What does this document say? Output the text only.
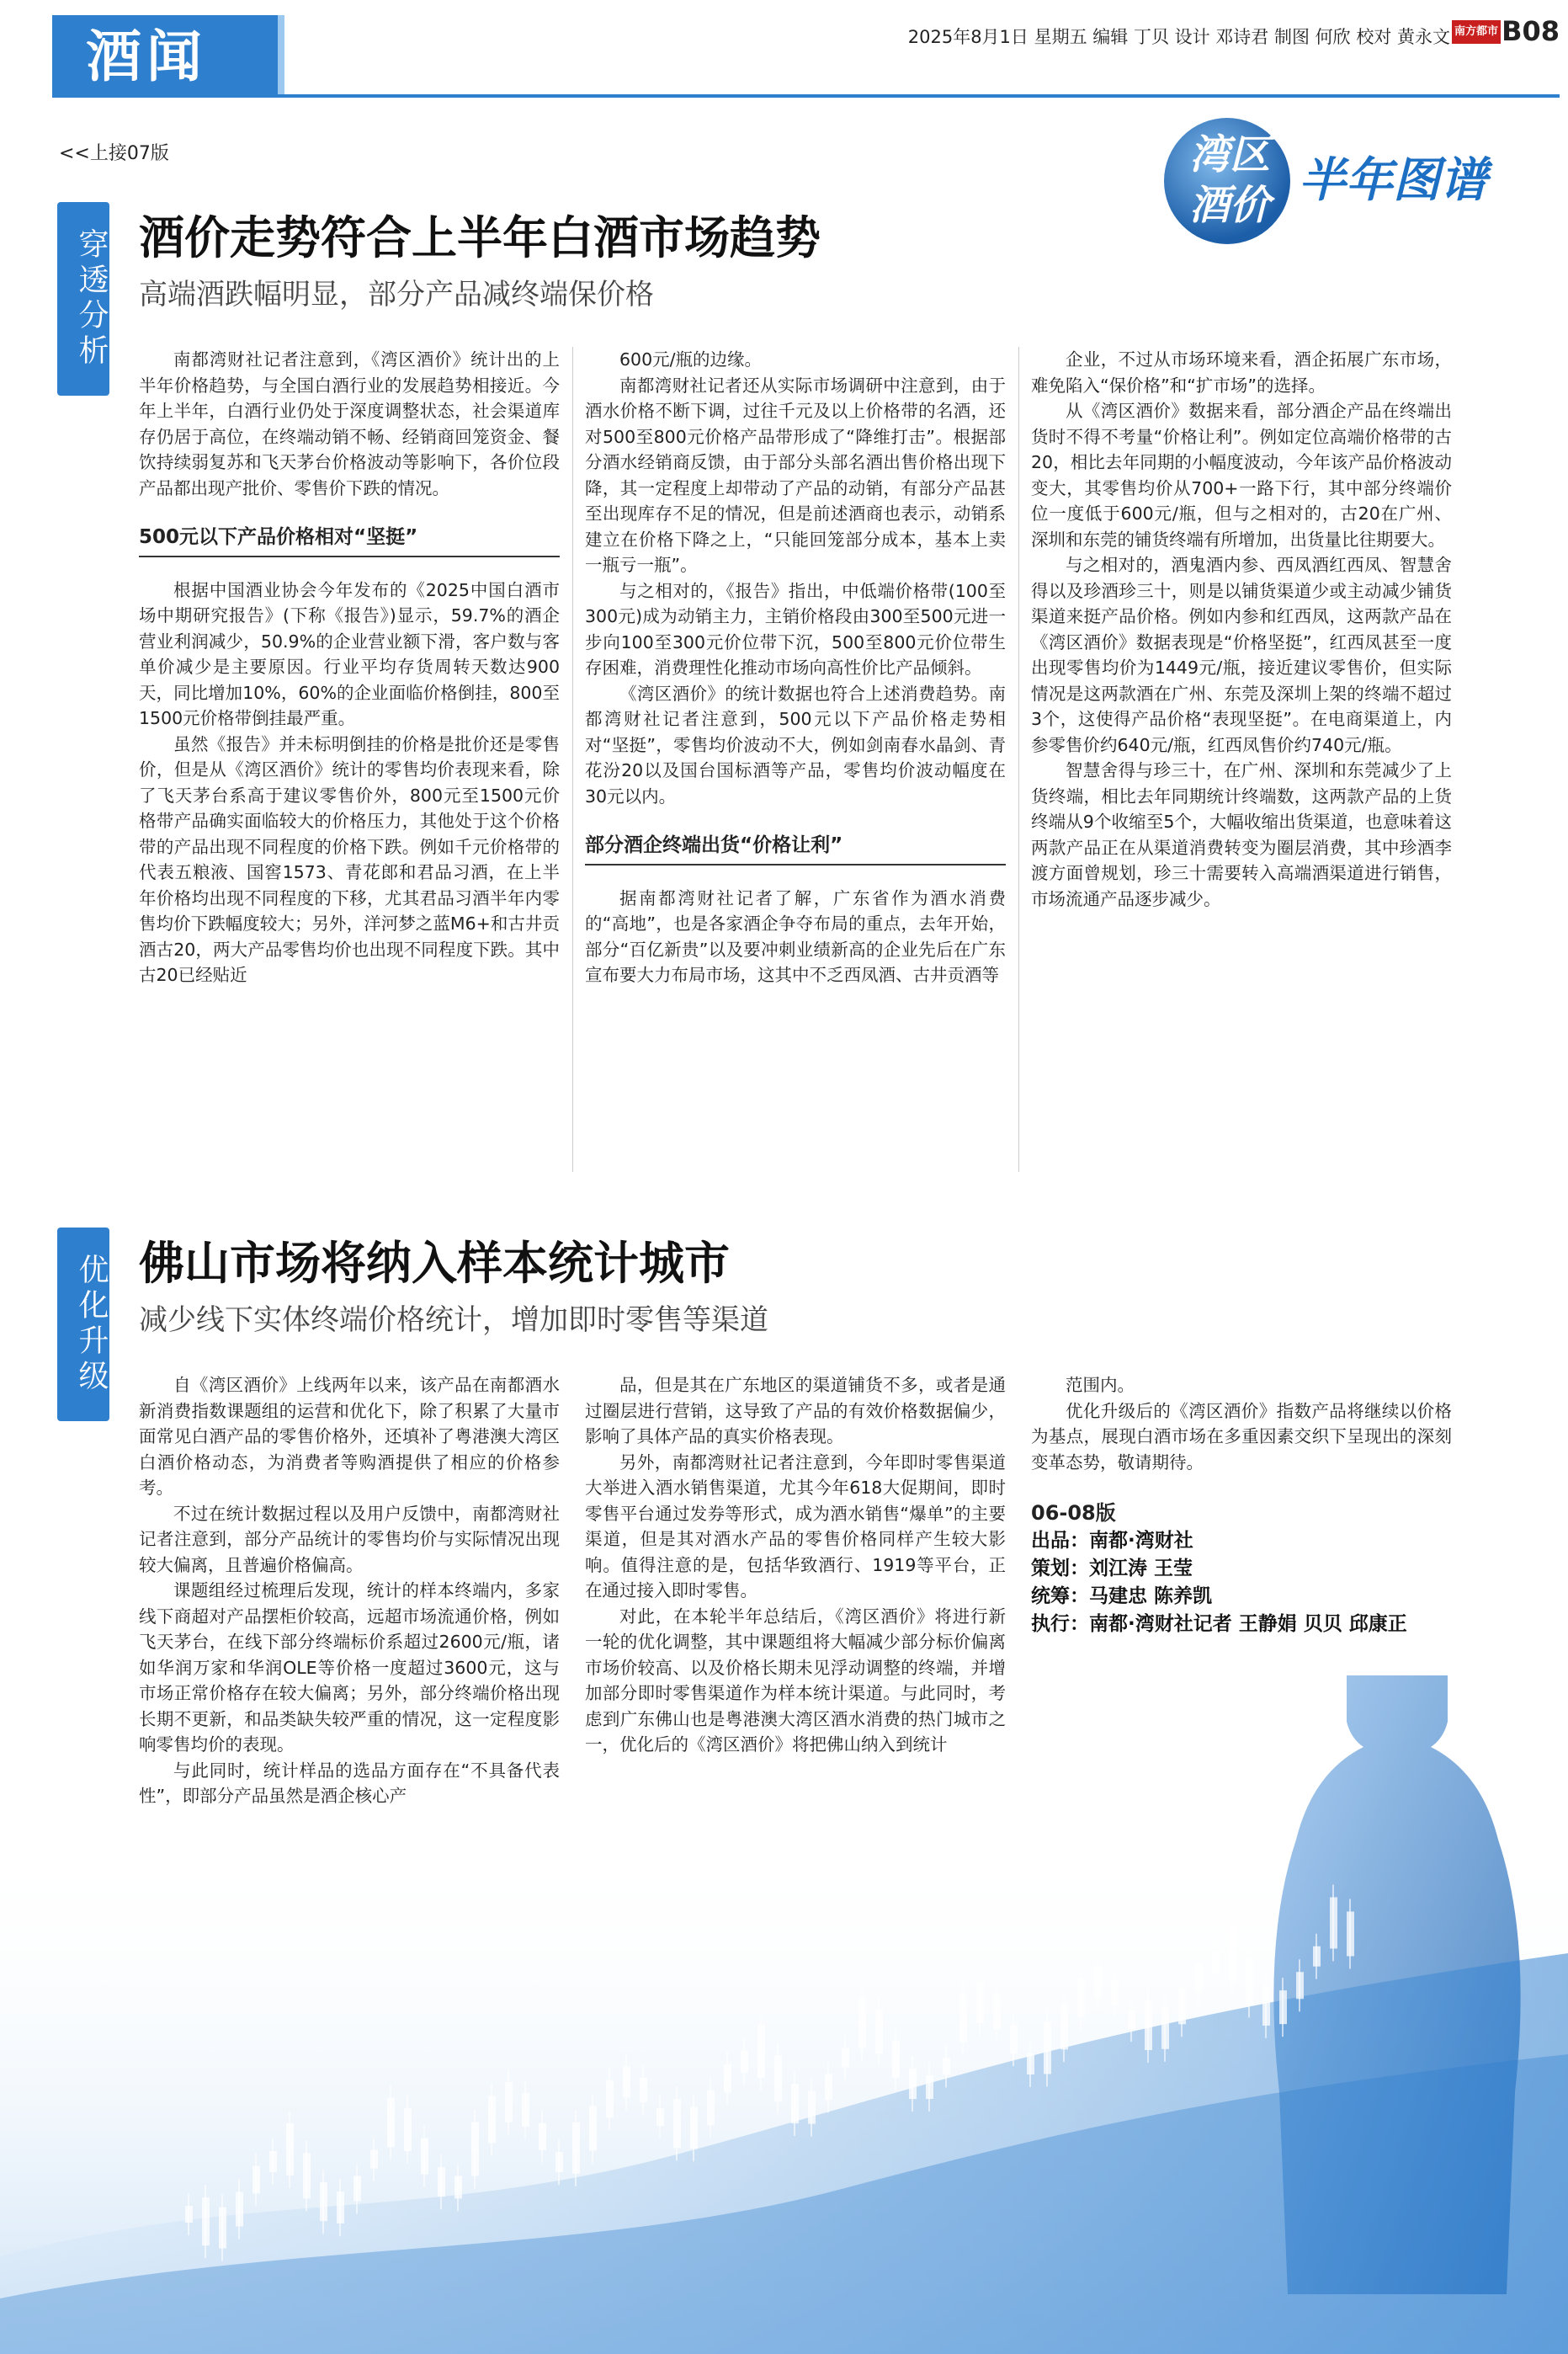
酒闻	2025年8月1日 星期五 编辑 丁贝 设计 邓诗君 制图 何欣 校对 黄永文 南方都市报
B08
<<上接07版	湾区酒价 半年图谱
穿透分析 酒价走势符合上半年白酒市场趋势
高端酒跌幅明显，部分产品减终端保价格

南都湾财社记者注意到，《湾区酒价》统计出的上半年价格趋势，与全国白酒行业的发展趋势相接近。今年上半年，白酒行业仍处于深度调整状态，社会渠道库存仍居于高位，在终端动销不畅、经销商回笼资金、餐饮持续弱复苏和飞天茅台价格波动等影响下，各价位段产品都出现产批价、零售价下跌的情况。

500元以下产品价格相对“坚挺”

根据中国酒业协会今年发布的《2025中国白酒市场中期研究报告》(下称《报告》)显示，59.7%的酒企营业利润减少，50.9%的企业营业额下滑，客户数与客单价减少是主要原因。行业平均存货周转天数达900天，同比增加10%，60%的企业面临价格倒挂，800至1500元价格带倒挂最严重。

虽然《报告》并未标明倒挂的价格是批价还是零售价，但是从《湾区酒价》统计的零售均价表现来看，除了飞天茅台系高于建议零售价外，800元至1500元价格带产品确实面临较大的价格压力，其他处于这个价格带的产品出现不同程度的价格下跌。例如千元价格带的代表五粮液、国窖1573、青花郎和君品习酒，在上半年价格均出现不同程度的下移，尤其君品习酒半年内零售均价下跌幅度较大；另外，洋河梦之蓝M6+和古井贡酒古20，两大产品零售均价也出现不同程度下跌。其中古20已经贴近

600元/瓶的边缘。

南都湾财社记者还从实际市场调研中注意到，由于酒水价格不断下调，过往千元及以上价格带的名酒，还对500至800元价格产品带形成了“降维打击”。根据部分酒水经销商反馈，由于部分头部名酒出售价格出现下降，其一定程度上却带动了产品的动销，有部分产品甚至出现库存不足的情况，但是前述酒商也表示，动销系建立在价格下降之上，“只能回笼部分成本，基本上卖一瓶亏一瓶”。

与之相对的，《报告》指出，中低端价格带(100至300元)成为动销主力，主销价格段由300至500元进一步向100至300元价位带下沉，500至800元价位带生存困难，消费理性化推动市场向高性价比产品倾斜。

《湾区酒价》的统计数据也符合上述消费趋势。南都湾财社记者注意到，500元以下产品价格走势相对“坚挺”，零售均价波动不大，例如剑南春水晶剑、青花汾20以及国台国标酒等产品，零售均价波动幅度在30元以内。

部分酒企终端出货“价格让利”

据南都湾财社记者了解，广东省作为酒水消费的“高地”，也是各家酒企争夺布局的重点，去年开始，部分“百亿新贵”以及要冲刺业绩新高的企业先后在广东宣布要大力布局市场，这其中不乏西凤酒、古井贡酒等

企业，不过从市场环境来看，酒企拓展广东市场，难免陷入“保价格”和“扩市场”的选择。

从《湾区酒价》数据来看，部分酒企产品在终端出货时不得不考量“价格让利”。例如定位高端价格带的古20，相比去年同期的小幅度波动，今年该产品价格波动变大，其零售均价从700+一路下行，其中部分终端价位一度低于600元/瓶，但与之相对的，古20在广州、深圳和东莞的铺货终端有所增加，出货量比往期要大。

与之相对的，酒鬼酒内参、西凤酒红西凤、智慧舍得以及珍酒珍三十，则是以铺货渠道少或主动减少铺货渠道来挺产品价格。例如内参和红西凤，这两款产品在《湾区酒价》数据表现是“价格坚挺”，红西凤甚至一度出现零售均价为1449元/瓶，接近建议零售价，但实际情况是这两款酒在广州、东莞及深圳上架的终端不超过3个，这使得产品价格“表现坚挺”。在电商渠道上，内参零售价约640元/瓶，红西凤售价约740元/瓶。

智慧舍得与珍三十，在广州、深圳和东莞减少了上货终端，相比去年同期统计终端数，这两款产品的上货终端从9个收缩至5个，大幅收缩出货渠道，也意味着这两款产品正在从渠道消费转变为圈层消费，其中珍酒李渡方面曾规划，珍三十需要转入高端酒渠道进行销售，市场流通产品逐步减少。

优化升级 佛山市场将纳入样本统计城市
减少线下实体终端价格统计，增加即时零售等渠道

自《湾区酒价》上线两年以来，该产品在南都酒水新消费指数课题组的运营和优化下，除了积累了大量市面常见白酒产品的零售价格外，还填补了粤港澳大湾区白酒价格动态，为消费者等购酒提供了相应的价格参考。

不过在统计数据过程以及用户反馈中，南都湾财社记者注意到，部分产品统计的零售均价与实际情况出现较大偏离，且普遍价格偏高。

课题组经过梳理后发现，统计的样本终端内，多家线下商超对产品摆柜价较高，远超市场流通价格，例如飞天茅台，在线下部分终端标价系超过2600元/瓶，诸如华润万家和华润OLE等价格一度超过3600元，这与市场正常价格存在较大偏离；另外，部分终端价格出现长期不更新，和品类缺失较严重的情况，这一定程度影响零售均价的表现。

与此同时，统计样品的选品方面存在“不具备代表性”，即部分产品虽然是酒企核心产

品，但是其在广东地区的渠道铺货不多，或者是通过圈层进行营销，这导致了产品的有效价格数据偏少，影响了具体产品的真实价格表现。

另外，南都湾财社记者注意到，今年即时零售渠道大举进入酒水销售渠道，尤其今年618大促期间，即时零售平台通过发券等形式，成为酒水销售“爆单”的主要渠道，但是其对酒水产品的零售价格同样产生较大影响。值得注意的是，包括华致酒行、1919等平台，正在通过接入即时零售。

对此，在本轮半年总结后，《湾区酒价》将进行新一轮的优化调整，其中课题组将大幅减少部分标价偏离市场价较高、以及价格长期未见浮动调整的终端，并增加部分即时零售渠道作为样本统计渠道。与此同时，考虑到广东佛山也是粤港澳大湾区酒水消费的热门城市之一，优化后的《湾区酒价》将把佛山纳入到统计

范围内。

优化升级后的《湾区酒价》指数产品将继续以价格为基点，展现白酒市场在多重因素交织下呈现出的深刻变革态势，敬请期待。

06-08版
出品：南都·湾财社
策划：刘江涛 王莹
统筹：马建忠 陈养凯
执行：南都·湾财社记者 王静娟 贝贝 邱康正
